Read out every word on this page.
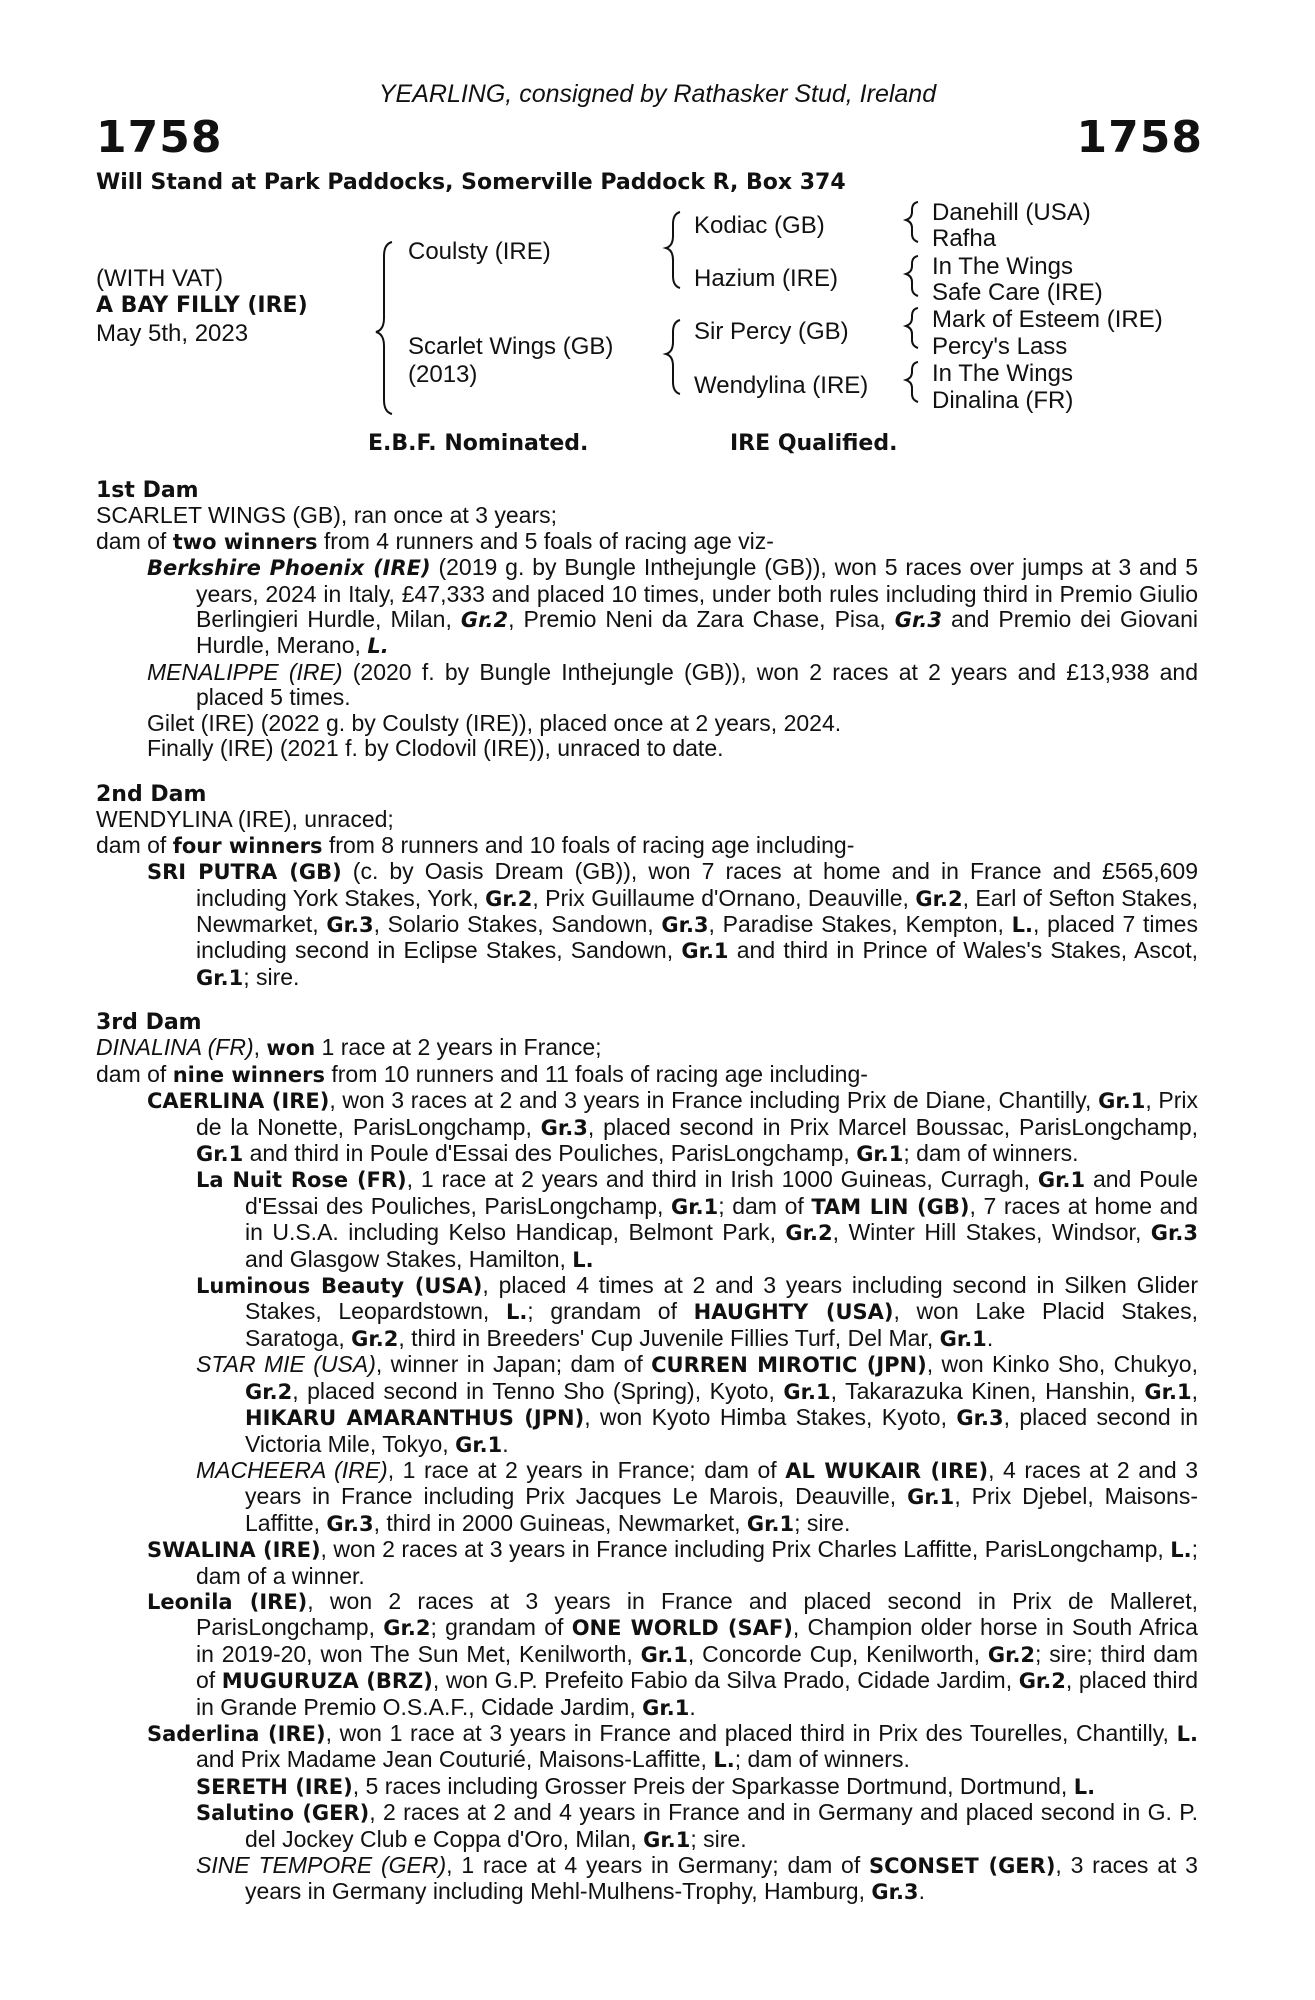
1758	1758
YEARLING, consigned by Rathasker Stud, Ireland
Will Stand at Park Paddocks, Somerville Paddock R, Box 374
(WITH VAT)
A BAY FILLY (IRE)
May 5th, 2023
Coulsty (IRE)
Scarlet Wings (GB)
(2013)
Kodiac (GB)
Hazium (IRE)
Sir Percy (GB)
Wendylina (IRE)
Danehill (USA)
Rafha
In The Wings
Safe Care (IRE)
Mark of Esteem (IRE)
Percy's Lass
In The Wings
Dinalina (FR)
E.B.F. Nominated.	IRE Qualified.
1st Dam
SCARLET WINGS (GB), ran once at 3 years;
dam of two winners from 4 runners and 5 foals of racing age viz-
Berkshire Phoenix (IRE) (2019 g. by Bungle Inthejungle (GB)), won 5 races over jumps at 3 and 5 years, 2024 in Italy, £47,333 and placed 10 times, under both rules including third in Premio Giulio Berlingieri Hurdle, Milan, Gr.2, Premio Neni da Zara Chase, Pisa, Gr.3 and Premio dei Giovani Hurdle, Merano, L.
MENALIPPE (IRE) (2020 f. by Bungle Inthejungle (GB)), won 2 races at 2 years and £13,938 and placed 5 times.
Gilet (IRE) (2022 g. by Coulsty (IRE)), placed once at 2 years, 2024.
Finally (IRE) (2021 f. by Clodovil (IRE)), unraced to date.
2nd Dam
WENDYLINA (IRE), unraced;
dam of four winners from 8 runners and 10 foals of racing age including-
SRI PUTRA (GB) (c. by Oasis Dream (GB)), won 7 races at home and in France and £565,609 including York Stakes, York, Gr.2, Prix Guillaume d'Ornano, Deauville, Gr.2, Earl of Sefton Stakes, Newmarket, Gr.3, Solario Stakes, Sandown, Gr.3, Paradise Stakes, Kempton, L., placed 7 times including second in Eclipse Stakes, Sandown, Gr.1 and third in Prince of Wales's Stakes, Ascot, Gr.1; sire.
3rd Dam
DINALINA (FR), won 1 race at 2 years in France;
dam of nine winners from 10 runners and 11 foals of racing age including-
CAERLINA (IRE), won 3 races at 2 and 3 years in France including Prix de Diane, Chantilly, Gr.1, Prix de la Nonette, ParisLongchamp, Gr.3, placed second in Prix Marcel Boussac, ParisLongchamp, Gr.1 and third in Poule d'Essai des Pouliches, ParisLongchamp, Gr.1; dam of winners.
La Nuit Rose (FR), 1 race at 2 years and third in Irish 1000 Guineas, Curragh, Gr.1 and Poule d'Essai des Pouliches, ParisLongchamp, Gr.1; dam of TAM LIN (GB), 7 races at home and in U.S.A. including Kelso Handicap, Belmont Park, Gr.2, Winter Hill Stakes, Windsor, Gr.3 and Glasgow Stakes, Hamilton, L.
Luminous Beauty (USA), placed 4 times at 2 and 3 years including second in Silken Glider Stakes, Leopardstown, L.; grandam of HAUGHTY (USA), won Lake Placid Stakes, Saratoga, Gr.2, third in Breeders' Cup Juvenile Fillies Turf, Del Mar, Gr.1.
STAR MIE (USA), winner in Japan; dam of CURREN MIROTIC (JPN), won Kinko Sho, Chukyo, Gr.2, placed second in Tenno Sho (Spring), Kyoto, Gr.1, Takarazuka Kinen, Hanshin, Gr.1, HIKARU AMARANTHUS (JPN), won Kyoto Himba Stakes, Kyoto, Gr.3, placed second in Victoria Mile, Tokyo, Gr.1.
MACHEERA (IRE), 1 race at 2 years in France; dam of AL WUKAIR (IRE), 4 races at 2 and 3 years in France including Prix Jacques Le Marois, Deauville, Gr.1, Prix Djebel, Maisons-Laffitte, Gr.3, third in 2000 Guineas, Newmarket, Gr.1; sire.
SWALINA (IRE), won 2 races at 3 years in France including Prix Charles Laffitte, ParisLongchamp, L.; dam of a winner.
Leonila (IRE), won 2 races at 3 years in France and placed second in Prix de Malleret, ParisLongchamp, Gr.2; grandam of ONE WORLD (SAF), Champion older horse in South Africa in 2019-20, won The Sun Met, Kenilworth, Gr.1, Concorde Cup, Kenilworth, Gr.2; sire; third dam of MUGURUZA (BRZ), won G.P. Prefeito Fabio da Silva Prado, Cidade Jardim, Gr.2, placed third in Grande Premio O.S.A.F., Cidade Jardim, Gr.1.
Saderlina (IRE), won 1 race at 3 years in France and placed third in Prix des Tourelles, Chantilly, L. and Prix Madame Jean Couturié, Maisons-Laffitte, L.; dam of winners.
SERETH (IRE), 5 races including Grosser Preis der Sparkasse Dortmund, Dortmund, L.
Salutino (GER), 2 races at 2 and 4 years in France and in Germany and placed second in G. P. del Jockey Club e Coppa d'Oro, Milan, Gr.1; sire.
SINE TEMPORE (GER), 1 race at 4 years in Germany; dam of SCONSET (GER), 3 races at 3 years in Germany including Mehl-Mulhens-Trophy, Hamburg, Gr.3.
